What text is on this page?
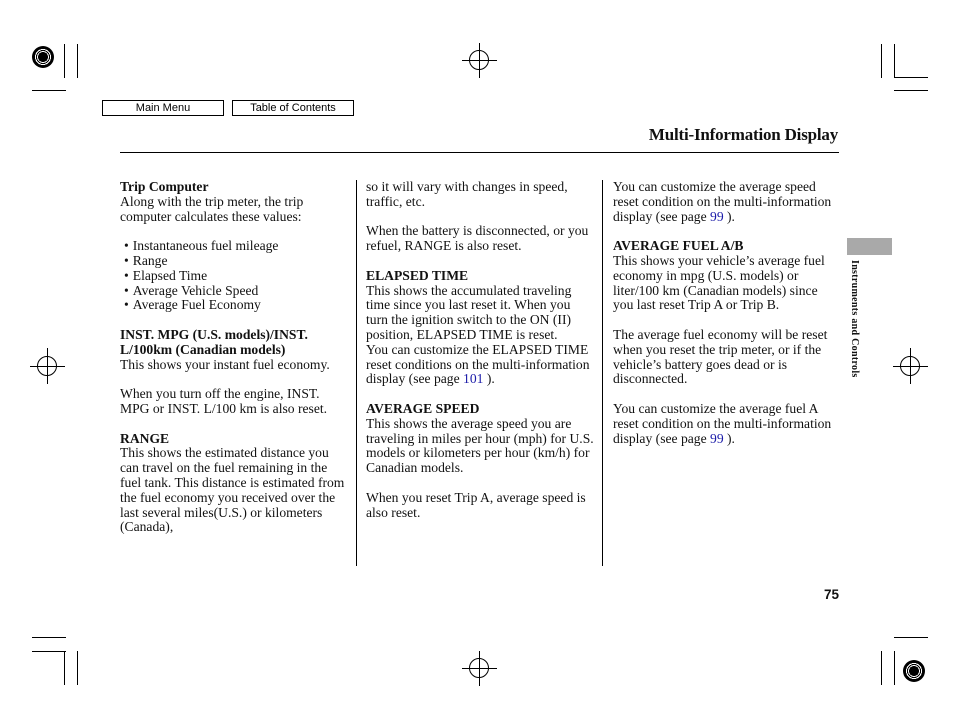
Main Menu	Table of Contents
Multi-Information Display

Trip Computer
Along with the trip meter, the trip computer calculates these values:

• Instantaneous fuel mileage
• Range
• Elapsed Time
• Average Vehicle Speed
• Average Fuel Economy

INST. MPG (U.S. models)/INST. L/100km (Canadian models)
This shows your instant fuel economy.

When you turn off the engine, INST. MPG or INST. L/100 km is also reset.

RANGE
This shows the estimated distance you can travel on the fuel remaining in the fuel tank. This distance is estimated from the fuel economy you received over the last several miles(U.S.) or kilometers (Canada),

so it will vary with changes in speed, traffic, etc.

When the battery is disconnected, or you refuel, RANGE is also reset.

ELAPSED TIME
This shows the accumulated traveling time since you last reset it. When you turn the ignition switch to the ON (II) position, ELAPSED TIME is reset.

You can customize the ELAPSED TIME reset conditions on the multi-information display (see page 101 ).

AVERAGE SPEED
This shows the average speed you are traveling in miles per hour (mph) for U.S. models or kilometers per hour (km/h) for Canadian models.

When you reset Trip A, average speed is also reset.

You can customize the average speed reset condition on the multi-information display (see page 99 ).

AVERAGE FUEL A/B
This shows your vehicle’s average fuel economy in mpg (U.S. models) or liter/100 km (Canadian models) since you last reset Trip A or Trip B.

The average fuel economy will be reset when you reset the trip meter, or if the vehicle’s battery goes dead or is disconnected.

You can customize the average fuel A reset condition on the multi-information display (see page 99 ).

Instruments and Controls
75
